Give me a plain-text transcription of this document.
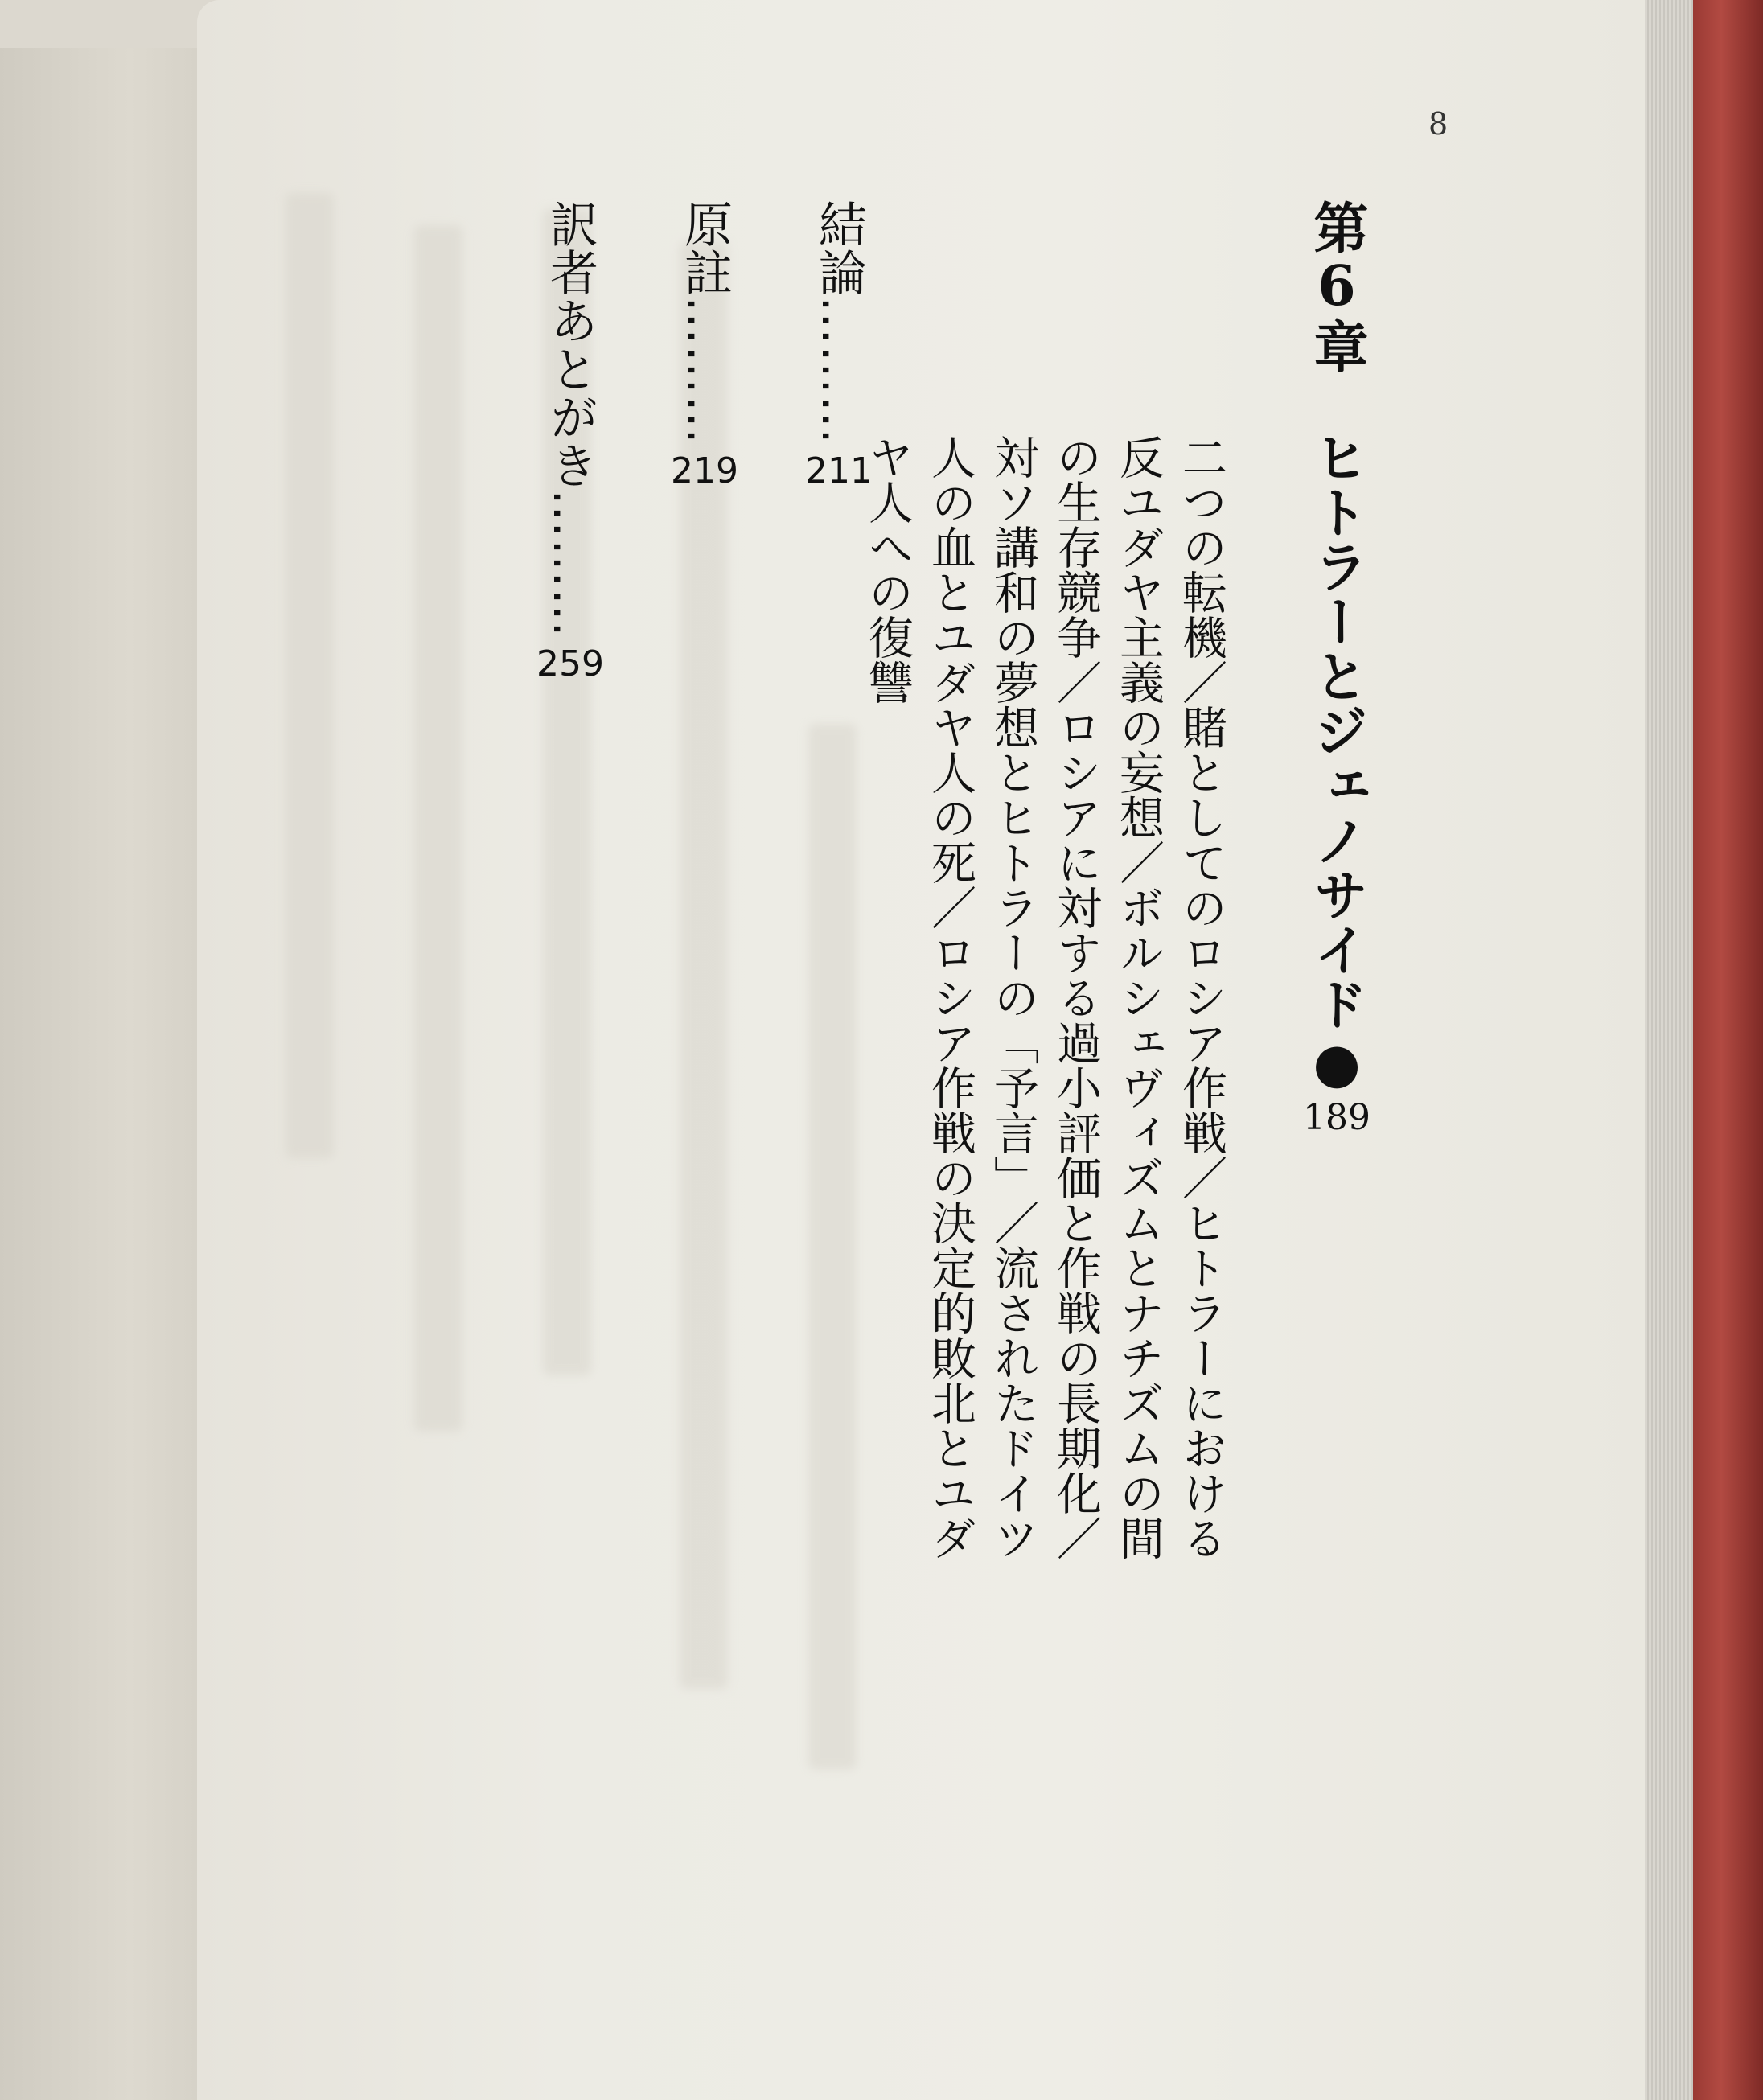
8
第6章ヒトラーとジェノサイド●189
二つの転機／賭としてのロシア作戦／ヒトラーにおける反ユダヤ主義の妄想／ボルシェヴィズムとナチズムの間の生存競争／ロシアに対する過小評価と作戦の長期化／対ソ講和の夢想とヒトラーの「予言」／流されたドイツ人の血とユダヤ人の死／ロシア作戦の決定的敗北とユダヤ人への復讐
結論………211
原註………219
訳者あとがき………259
